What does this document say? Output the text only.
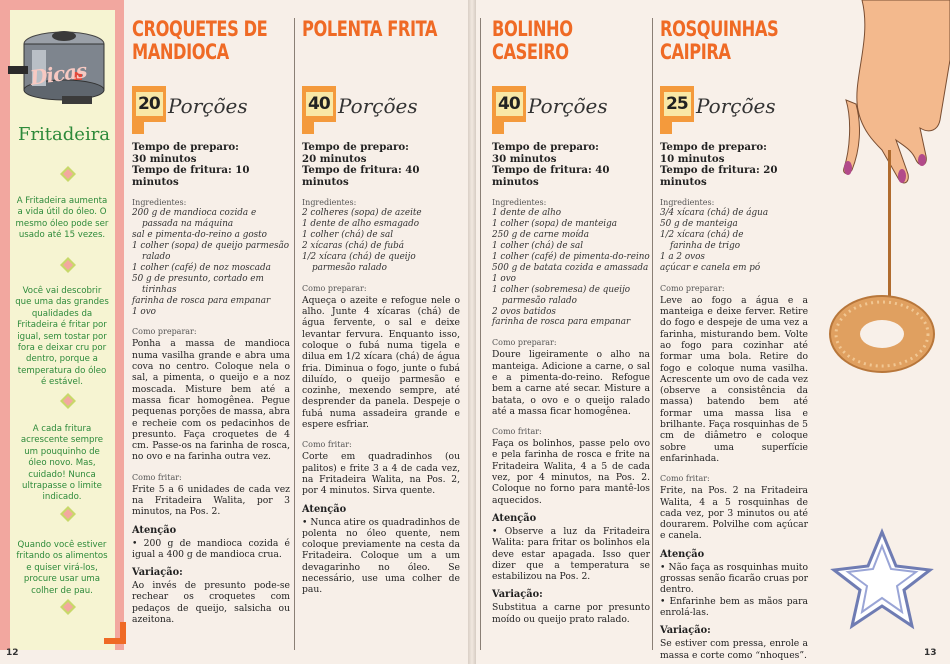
Dicas
Fritadeira
A Fritadeira aumenta a vida útil do óleo. O mesmo óleo pode ser usado até 15 vezes.
Você vai descobrir que uma das grandes qualidades da Fritadeira é fritar por igual, sem tostar por fora e deixar cru por dentro, porque a temperatura do óleo é estável.
A cada fritura acrescente sempre um pouquinho de óleo novo. Mas, cuidado! Nunca ultrapasse o limite indicado.
Quando você estiver fritando os alimentos e quiser virá-los, procure usar uma colher de pau.
12	13
CROQUETES DE MANDIOCA
20 Porções
Tempo de preparo:
30 minutos
Tempo de fritura: 10 minutos
Ingredientes:
200 g de mandioca cozida e
passada na máquina
sal e pimenta-do-reino a gosto
1 colher (sopa) de queijo parmesão
ralado
1 colher (café) de noz moscada
50 g de presunto, cortado em
tirinhas
farinha de rosca para empanar
1 ovo
Como preparar:
Ponha a massa de mandioca numa vasilha grande e abra uma cova no centro. Coloque nela o sal, a pimenta, o queijo e a noz moscada. Misture bem até a massa ficar homogênea. Pegue pequenas porções de massa, abra e recheie com os pedacinhos de presunto. Faça croquetes de 4 cm. Passe-os na farinha de rosca, no ovo e na farinha outra vez.
Como fritar:
Frite 5 a 6 unidades de cada vez na Fritadeira Walita, por 3 minutos, na Pos. 2.
Atenção
• 200 g de mandioca cozida é igual a 400 g de mandioca crua.
Variação:
Ao invés de presunto pode-se rechear os croquetes com pedaços de queijo, salsicha ou azeitona.
POLENTA FRITA
40 Porções
Tempo de preparo:
20 minutos
Tempo de fritura: 40 minutos
Ingredientes:
2 colheres (sopa) de azeite
1 dente de alho esmagado
1 colher (chá) de sal
2 xícaras (chá) de fubá
1/2 xícara (chá) de queijo
parmesão ralado
Como preparar:
Aqueça o azeite e refogue nele o alho. Junte 4 xícaras (chá) de água fervente, o sal e deixe levantar fervura. Enquanto isso, coloque o fubá numa tigela e dilua em 1/2 xícara (chá) de água fria. Diminua o fogo, junte o fubá diluído, o queijo parmesão e cozinhe, mexendo sempre, até desprender da panela. Despeje o fubá numa assadeira grande e espere esfriar.
Como fritar:
Corte em quadradinhos (ou palitos) e frite 3 a 4 de cada vez, na Fritadeira Walita, na Pos. 2, por 4 minutos. Sirva quente.
Atenção
• Nunca atire os quadradinhos de polenta no óleo quente, nem coloque previamente na cesta da Fritadeira. Coloque um a um devagarinho no óleo. Se necessário, use uma colher de pau.
BOLINHO CASEIRO
40 Porções
Tempo de preparo:
30 minutos
Tempo de fritura: 40 minutos
Ingredientes:
1 dente de alho
1 colher (sopa) de manteiga
250 g de carne moída
1 colher (chá) de sal
1 colher (café) de pimenta-do-reino
500 g de batata cozida e amassada
1 ovo
1 colher (sobremesa) de queijo
parmesão ralado
2 ovos batidos
farinha de rosca para empanar
Como preparar:
Doure ligeiramente o alho na manteiga. Adicione a carne, o sal e a pimenta-do-reino. Refogue bem a carne até secar. Misture a batata, o ovo e o queijo ralado até a massa ficar homogênea.
Como fritar:
Faça os bolinhos, passe pelo ovo e pela farinha de rosca e frite na Fritadeira Walita, 4 a 5 de cada vez, por 4 minutos, na Pos. 2. Coloque no forno para mantê-los aquecidos.
Atenção
• Observe a luz da Fritadeira Walita: para fritar os bolinhos ela deve estar apagada. Isso quer dizer que a temperatura se estabilizou na Pos. 2.
Variação:
Substitua a carne por presunto moído ou queijo prato ralado.
ROSQUINHAS CAIPIRA
25 Porções
Tempo de preparo:
10 minutos
Tempo de fritura: 20 minutos
Ingredientes:
3/4 xícara (chá) de água
50 g de manteiga
1/2 xícara (chá) de
farinha de trigo
1 a 2 ovos
açúcar e canela em pó
Como preparar:
Leve ao fogo a água e a manteiga e deixe ferver. Retire do fogo e despeje de uma vez a farinha, misturando bem. Volte ao fogo para cozinhar até formar uma bola. Retire do fogo e coloque numa vasilha. Acrescente um ovo de cada vez (observe a consistência da massa) batendo bem até formar uma massa lisa e brilhante. Faça rosquinhas de 5 cm de diâmetro e coloque sobre uma superfície enfarinhada.
Como fritar:
Frite, na Pos. 2 na Fritadeira Walita, 4 a 5 rosquinhas de cada vez, por 3 minutos ou até dourarem. Polvilhe com açúcar e canela.
Atenção
• Não faça as rosquinhas muito grossas senão ficarão cruas por dentro.
• Enfarinhe bem as mãos para enrolá-las.
Variação:
Se estiver com pressa, enrole a massa e corte como “nhoques”.
